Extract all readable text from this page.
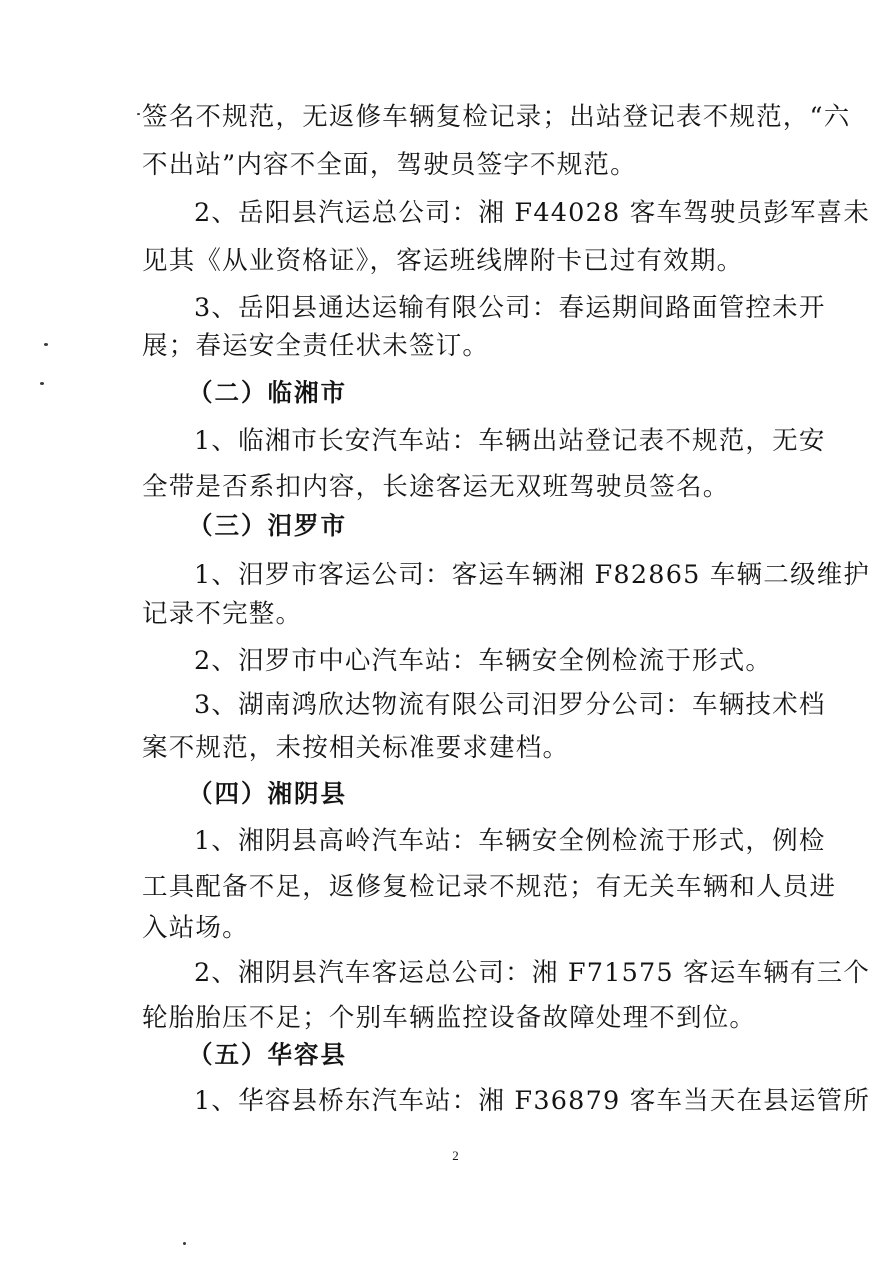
签名不规范，无返修车辆复检记录；出站登记表不规范，“六
不出站”内容不全面，驾驶员签字不规范。
2、岳阳县汽运总公司：湘 F44028 客车驾驶员彭军喜未
见其《从业资格证》，客运班线牌附卡已过有效期。
3、岳阳县通达运输有限公司：春运期间路面管控未开
展；春运安全责任状未签订。
（二）临湘市
1、临湘市长安汽车站：车辆出站登记表不规范，无安
全带是否系扣内容，长途客运无双班驾驶员签名。
（三）汨罗市
1、汨罗市客运公司：客运车辆湘 F82865 车辆二级维护
记录不完整。
2、汨罗市中心汽车站：车辆安全例检流于形式。
3、湖南鸿欣达物流有限公司汨罗分公司：车辆技术档
案不规范，未按相关标准要求建档。
（四）湘阴县
1、湘阴县高岭汽车站：车辆安全例检流于形式，例检
工具配备不足，返修复检记录不规范；有无关车辆和人员进
入站场。
2、湘阴县汽车客运总公司：湘 F71575 客运车辆有三个
轮胎胎压不足；个别车辆监控设备故障处理不到位。
（五）华容县
1、华容县桥东汽车站：湘 F36879 客车当天在县运管所
2
